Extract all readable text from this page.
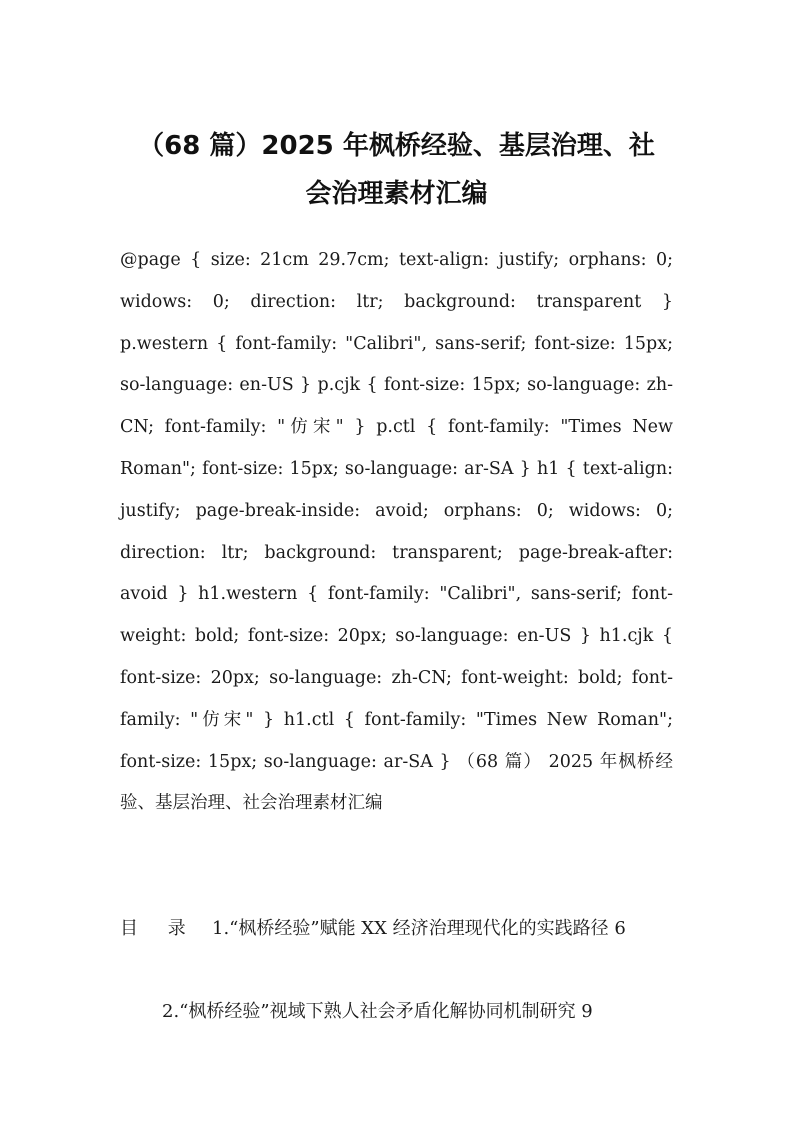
（68 篇）2025 年枫桥经验、基层治理、社
会治理素材汇编

@page { size: 21cm 29.7cm; text-align: justify; orphans: 0; widows: 0; direction: ltr; background: transparent } p.western { font-family: "Calibri", sans-serif; font-size: 15px; so-language: en-US } p.cjk { font-size: 15px; so-language: zh-CN; font-family: "仿宋" } p.ctl { font-family: "Times New Roman"; font-size: 15px; so-language: ar-SA } h1 { text-align: justify; page-break-inside: avoid; orphans: 0; widows: 0; direction: ltr; background: transparent; page-break-after: avoid } h1.western { font-family: "Calibri", sans-serif; font-weight: bold; font-size: 20px; so-language: en-US } h1.cjk { font-size: 20px; so-language: zh-CN; font-weight: bold; font-family: "仿宋" } h1.ctl { font-family: "Times New Roman"; font-size: 15px; so-language: ar-SA } （68 篇） 2025 年枫桥经验、基层治理、社会治理素材汇编

目 录 1.“枫桥经验”赋能 XX 经济治理现代化的实践路径 6
2.“枫桥经验”视域下熟人社会矛盾化解协同机制研究 9
